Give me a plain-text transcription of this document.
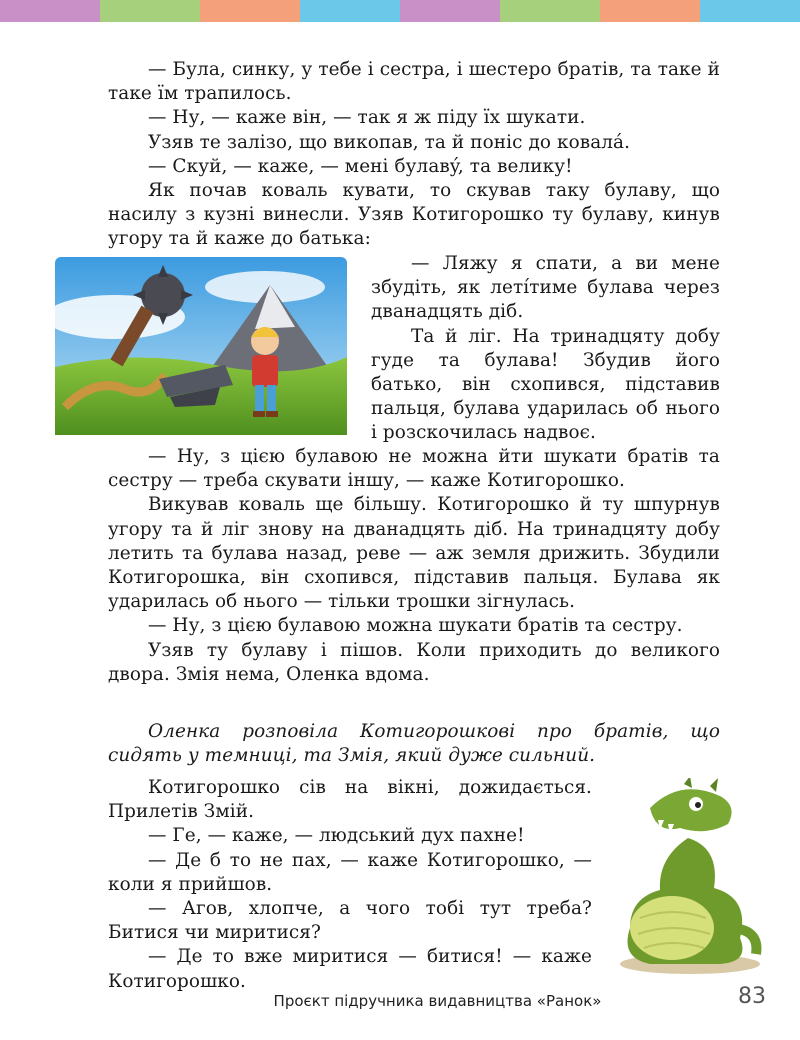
— Була, синку, у тебе і сестра, і шестеро братів, та таке й таке їм трапилось.

— Ну, — каже він, — так я ж піду їх шукати.

Узяв те залізо, що викопав, та й поніс до ковалá.

— Скуй, — каже, — мені булавý, та велику!

Як почав коваль кувати, то скував таку булаву, що насилу з кузні винесли. Узяв Котигорошко ту булаву, кинув угору та й каже до батька:

— Ляжу я спати, а ви мене збудіть, як летíтиме булава через дванадцять діб.

Та й ліг. На тринадцяту добу гуде та булава! Збудив його батько, він схопився, підставив пальця, булава ударилась об нього і розскочилась надвоє.

— Ну, з цією булавою не можна йти шукати братів та сестру — треба скувати іншу, — каже Котигорошко.

Викував коваль ще більшу. Котигорошко й ту шпурнув угору та й ліг знову на дванадцять діб. На тринадцяту добу летить та булава назад, реве — аж земля дрижить. Збудили Котигорошка, він схопився, підставив пальця. Булава як ударилась об нього — тільки трошки зігнулась.

— Ну, з цією булавою можна шукати братів та сестру.

Узяв ту булаву і пішов. Коли приходить до великого двора. Змія нема, Оленка вдома.

Оленка розповіла Котигорошкові про братів, що сидять у темниці, та Змія, який дуже сильний.

Котигорошко сів на вікні, дожидається. Прилетів Змій.

— Ге, — каже, — людський дух пахне!

— Де б то не пах, — каже Котигорошко, — коли я прийшов.

— Агов, хлопче, а чого тобі тут треба? Битися чи миритися?

— Де то вже миритися — битися! — каже Котигорошко.

Проєкт підручника видавництва «Ранок»	83
